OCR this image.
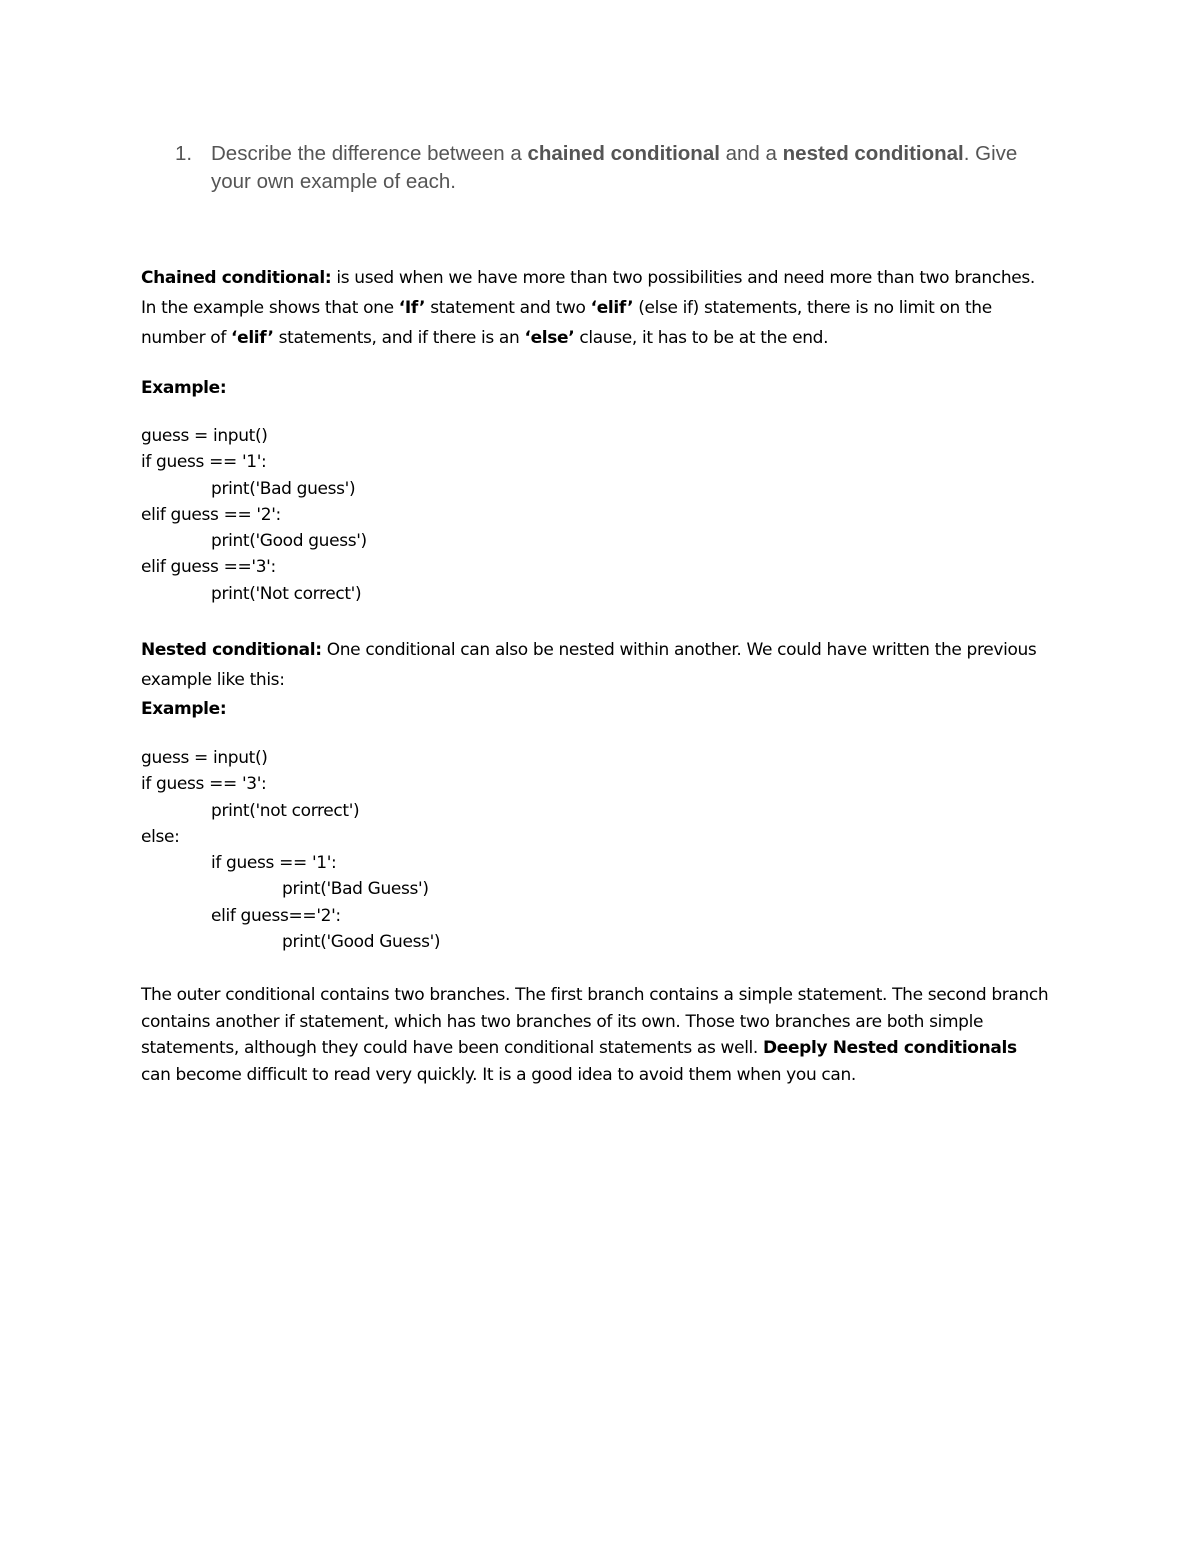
1. Describe the difference between a chained conditional and a nested conditional. Give your own example of each.
Chained conditional: is used when we have more than two possibilities and need more than two branches. In the example shows that one ‘If’ statement and two ‘elif’ (else if) statements, there is no limit on the number of ‘elif’ statements, and if there is an ‘else’ clause, it has to be at the end.
Example:
guess = input()
if guess == '1':
print('Bad guess')
elif guess == '2':
print('Good guess')
elif guess =='3':
print('Not correct')
Nested conditional: One conditional can also be nested within another. We could have written the previous example like this:
Example:
guess = input()
if guess == '3':
print('not correct')
else:
if guess == '1':
print('Bad Guess')
elif guess=='2':
print('Good Guess')
The outer conditional contains two branches. The first branch contains a simple statement. The second branch contains another if statement, which has two branches of its own. Those two branches are both simple statements, although they could have been conditional statements as well. Deeply Nested conditionals can become difficult to read very quickly. It is a good idea to avoid them when you can.
